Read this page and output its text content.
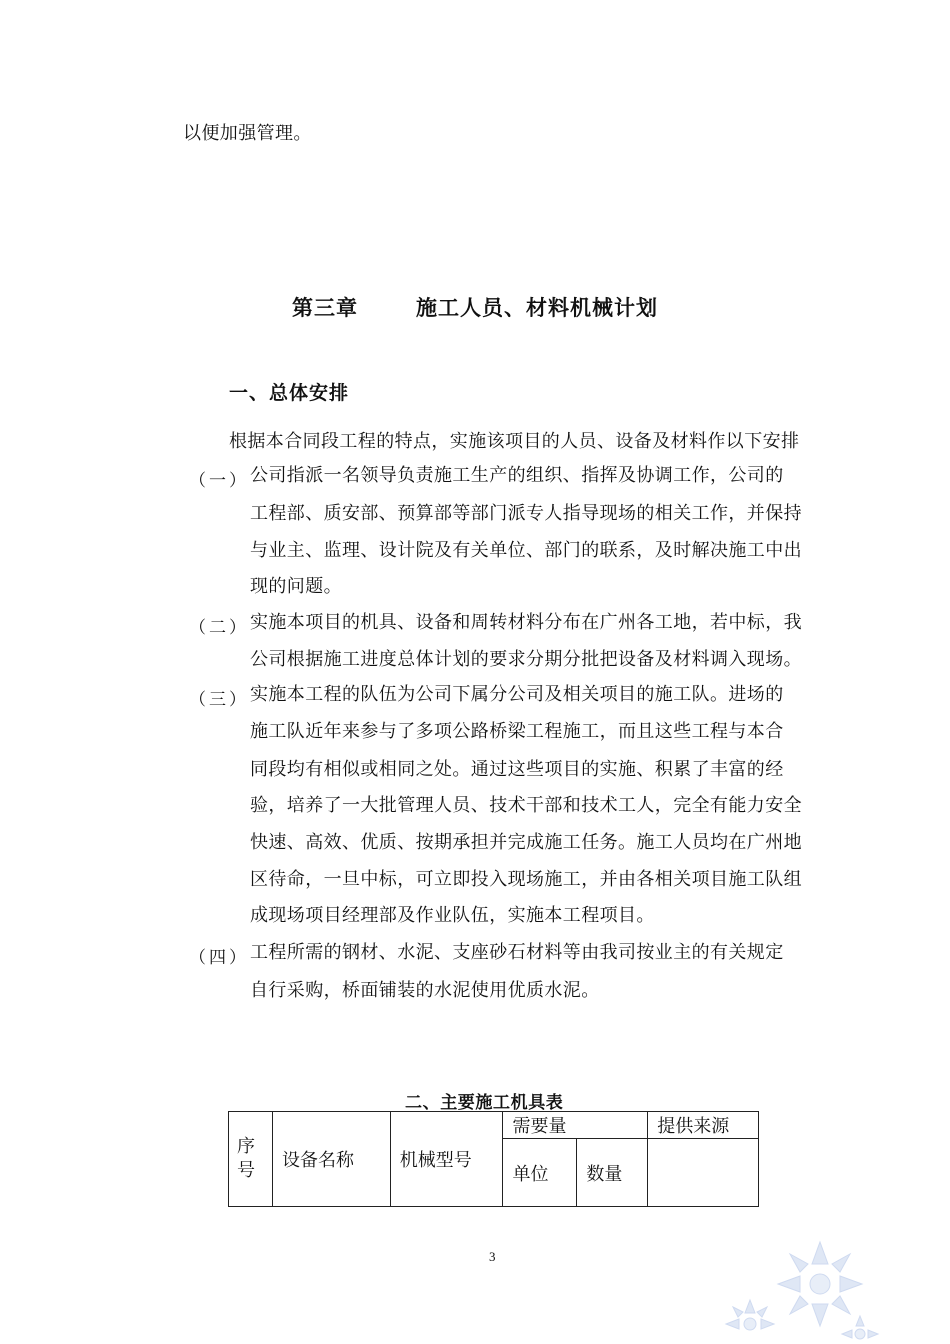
以便加强管理。
第三章	施工人员、材料机械计划
一、总体安排
根据本合同段工程的特点，实施该项目的人员、设备及材料作以下安排
（一） 公司指派一名领导负责施工生产的组织、指挥及协调工作，公司的
工程部、质安部、预算部等部门派专人指导现场的相关工作，并保持
与业主、监理、设计院及有关单位、部门的联系，及时解决施工中出
现的问题。
（二） 实施本项目的机具、设备和周转材料分布在广州各工地，若中标，我
公司根据施工进度总体计划的要求分期分批把设备及材料调入现场。
（三） 实施本工程的队伍为公司下属分公司及相关项目的施工队。进场的
施工队近年来参与了多项公路桥梁工程施工，而且这些工程与本合
同段均有相似或相同之处。通过这些项目的实施、积累了丰富的经
验，培养了一大批管理人员、技术干部和技术工人，完全有能力安全
快速、高效、优质、按期承担并完成施工任务。施工人员均在广州地
区待命，一旦中标，可立即投入现场施工，并由各相关项目施工队组
成现场项目经理部及作业队伍，实施本工程项目。
（四） 工程所需的钢材、水泥、支座砂石材料等由我司按业主的有关规定
自行采购，桥面铺装的水泥使用优质水泥。
二、主要施工机具表
序
号	设备名称	机械型号	需要量		提供来源
			单位	数量	
3
